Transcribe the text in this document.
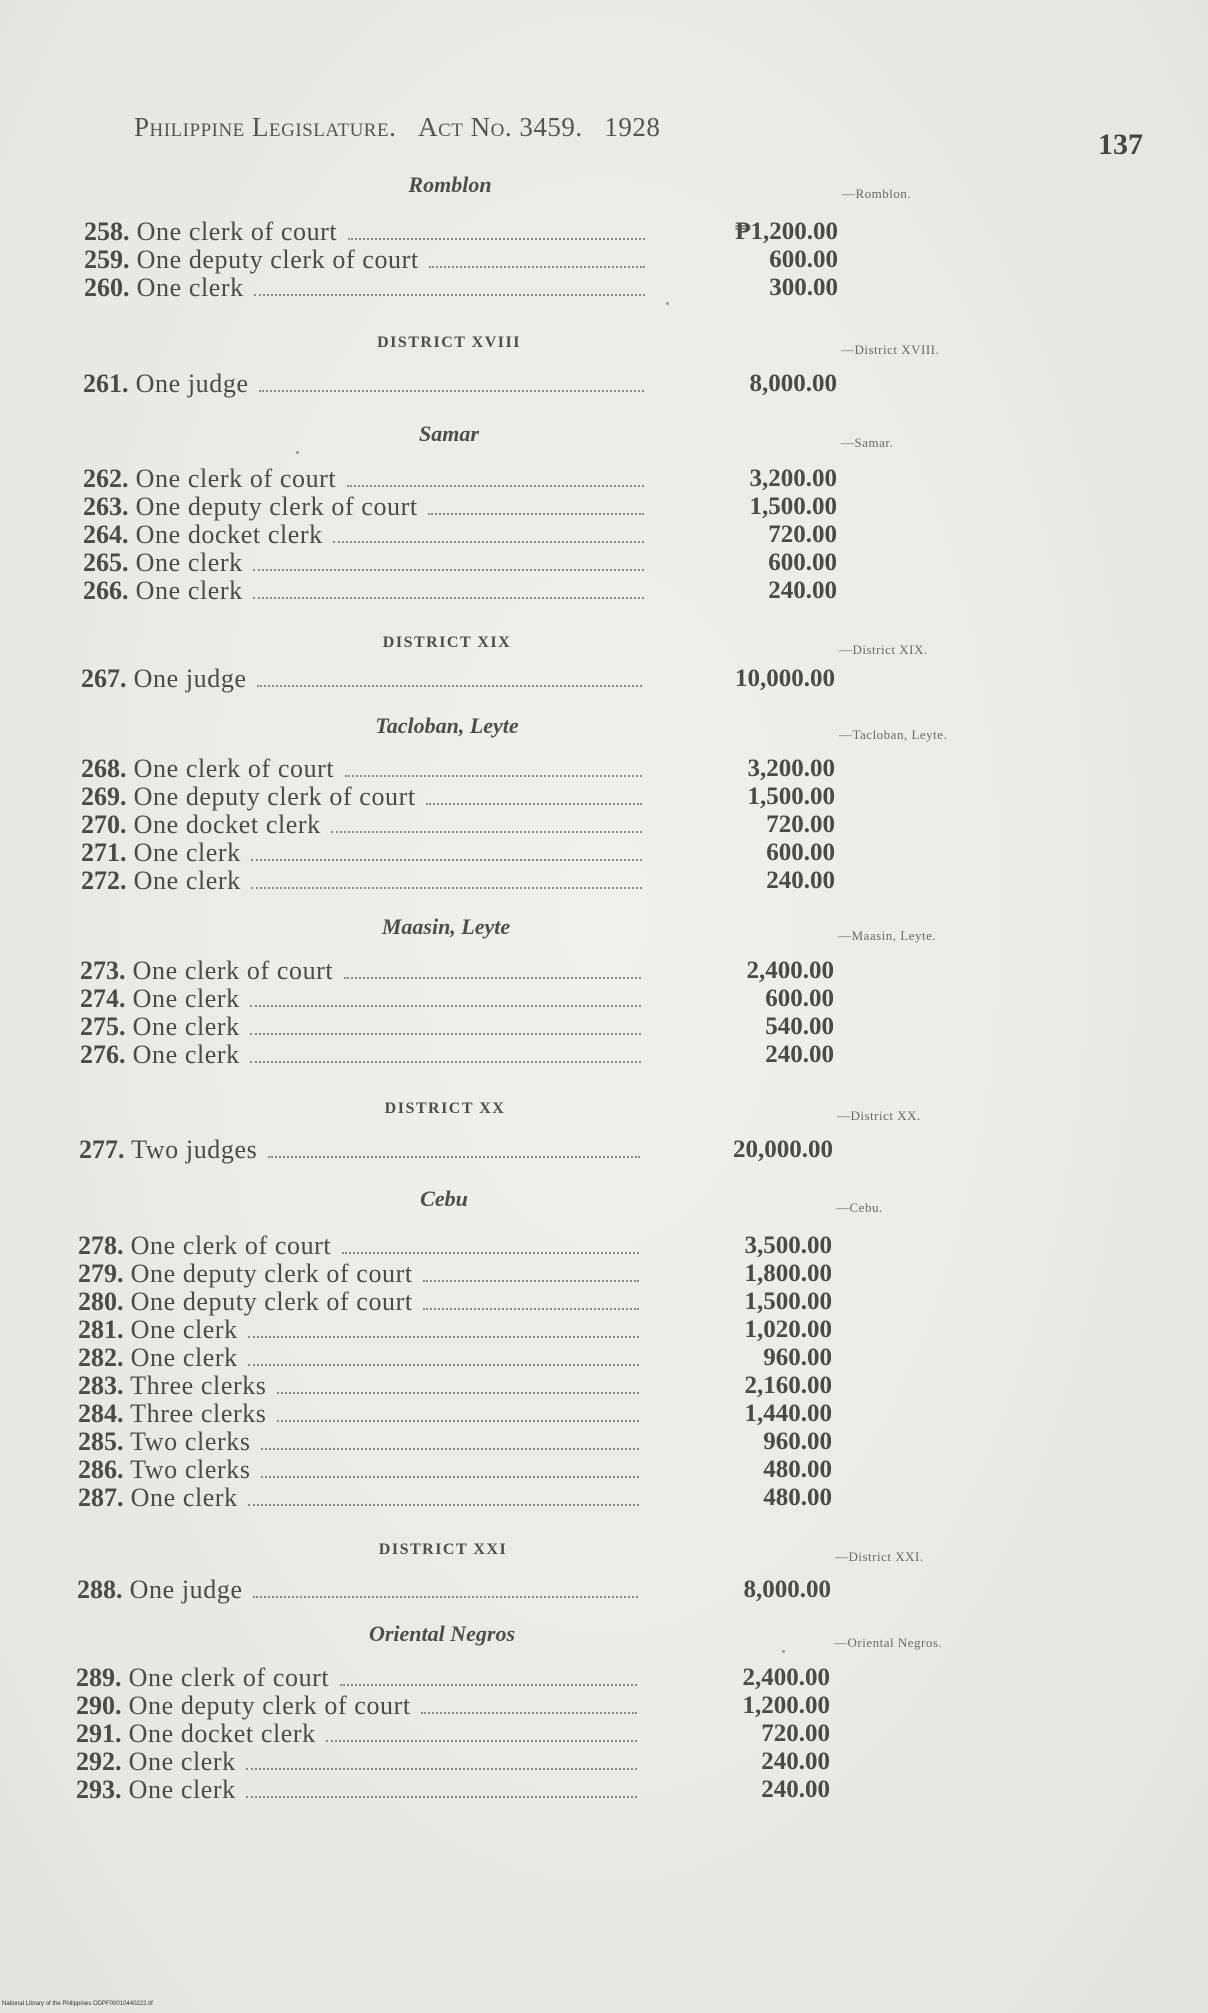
Philippine Legislature. Act No. 3459. 1928
137
Romblon	—Romblon.
258. One clerk of court	₱1,200.00
259. One deputy clerk of court	600.00
260. One clerk	300.00
DISTRICT XVIII	—District XVIII.
261. One judge	8,000.00
Samar	—Samar.
262. One clerk of court	3,200.00
263. One deputy clerk of court	1,500.00
264. One docket clerk	720.00
265. One clerk	600.00
266. One clerk	240.00
DISTRICT XIX	—District XIX.
267. One judge	10,000.00
Tacloban, Leyte	—Tacloban, Leyte.
268. One clerk of court	3,200.00
269. One deputy clerk of court	1,500.00
270. One docket clerk	720.00
271. One clerk	600.00
272. One clerk	240.00
Maasin, Leyte	—Maasin, Leyte.
273. One clerk of court	2,400.00
274. One clerk	600.00
275. One clerk	540.00
276. One clerk	240.00
DISTRICT XX	—District XX.
277. Two judges	20,000.00
Cebu	—Cebu.
278. One clerk of court	3,500.00
279. One deputy clerk of court	1,800.00
280. One deputy clerk of court	1,500.00
281. One clerk	1,020.00
282. One clerk	960.00
283. Three clerks	2,160.00
284. Three clerks	1,440.00
285. Two clerks	960.00
286. Two clerks	480.00
287. One clerk	480.00
DISTRICT XXI	—District XXI.
288. One judge	8,000.00
Oriental Negros	—Oriental Negros.
289. One clerk of court	2,400.00
290. One deputy clerk of court	1,200.00
291. One docket clerk	720.00
292. One clerk	240.00
293. One clerk	240.00
National Library of the Philippines ODPF00010440222.tif
